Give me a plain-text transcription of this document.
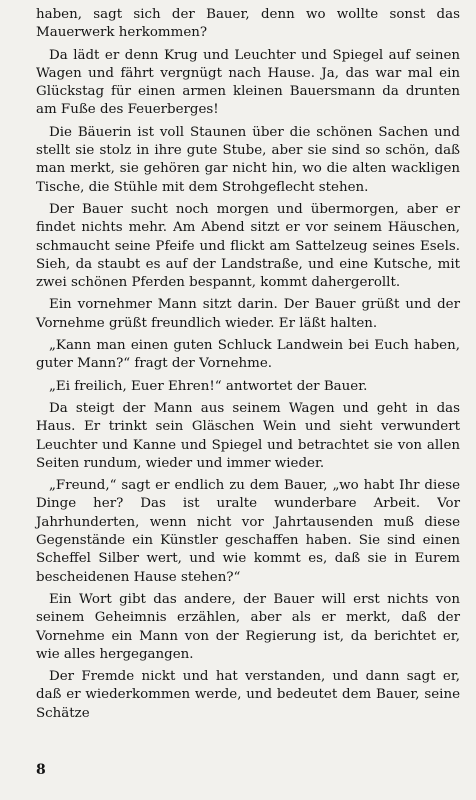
haben, sagt sich der Bauer, denn wo wollte sonst das Mauerwerk herkommen?

Da lädt er denn Krug und Leuchter und Spiegel auf seinen Wagen und fährt vergnügt nach Hause. Ja, das war mal ein Glückstag für einen armen kleinen Bauersmann da drunten am Fuße des Feuerberges!

Die Bäuerin ist voll Staunen über die schönen Sachen und stellt sie stolz in ihre gute Stube, aber sie sind so schön, daß man merkt, sie gehören gar nicht hin, wo die alten wackligen Tische, die Stühle mit dem Strohgeflecht stehen.

Der Bauer sucht noch morgen und übermorgen, aber er findet nichts mehr. Am Abend sitzt er vor seinem Häuschen, schmaucht seine Pfeife und flickt am Sattelzeug seines Esels. Sieh, da staubt es auf der Landstraße, und eine Kutsche, mit zwei schönen Pferden bespannt, kommt dahergerollt.

Ein vornehmer Mann sitzt darin. Der Bauer grüßt und der Vornehme grüßt freundlich wieder. Er läßt halten.

„Kann man einen guten Schluck Landwein bei Euch haben, guter Mann?“ fragt der Vornehme.

„Ei freilich, Euer Ehren!“ antwortet der Bauer.

Da steigt der Mann aus seinem Wagen und geht in das Haus. Er trinkt sein Gläschen Wein und sieht verwundert Leuchter und Kanne und Spiegel und betrachtet sie von allen Seiten rundum, wieder und immer wieder.

„Freund,“ sagt er endlich zu dem Bauer, „wo habt Ihr diese Dinge her? Das ist uralte wunderbare Arbeit. Vor Jahrhunderten, wenn nicht vor Jahrtausenden muß diese Gegenstände ein Künstler geschaffen haben. Sie sind einen Scheffel Silber wert, und wie kommt es, daß sie in Eurem bescheidenen Hause stehen?“

Ein Wort gibt das andere, der Bauer will erst nichts von seinem Geheimnis erzählen, aber als er merkt, daß der Vornehme ein Mann von der Regierung ist, da berichtet er, wie alles hergegangen.

Der Fremde nickt und hat verstanden, und dann sagt er, daß er wiederkommen werde, und bedeutet dem Bauer, seine Schätze

8
